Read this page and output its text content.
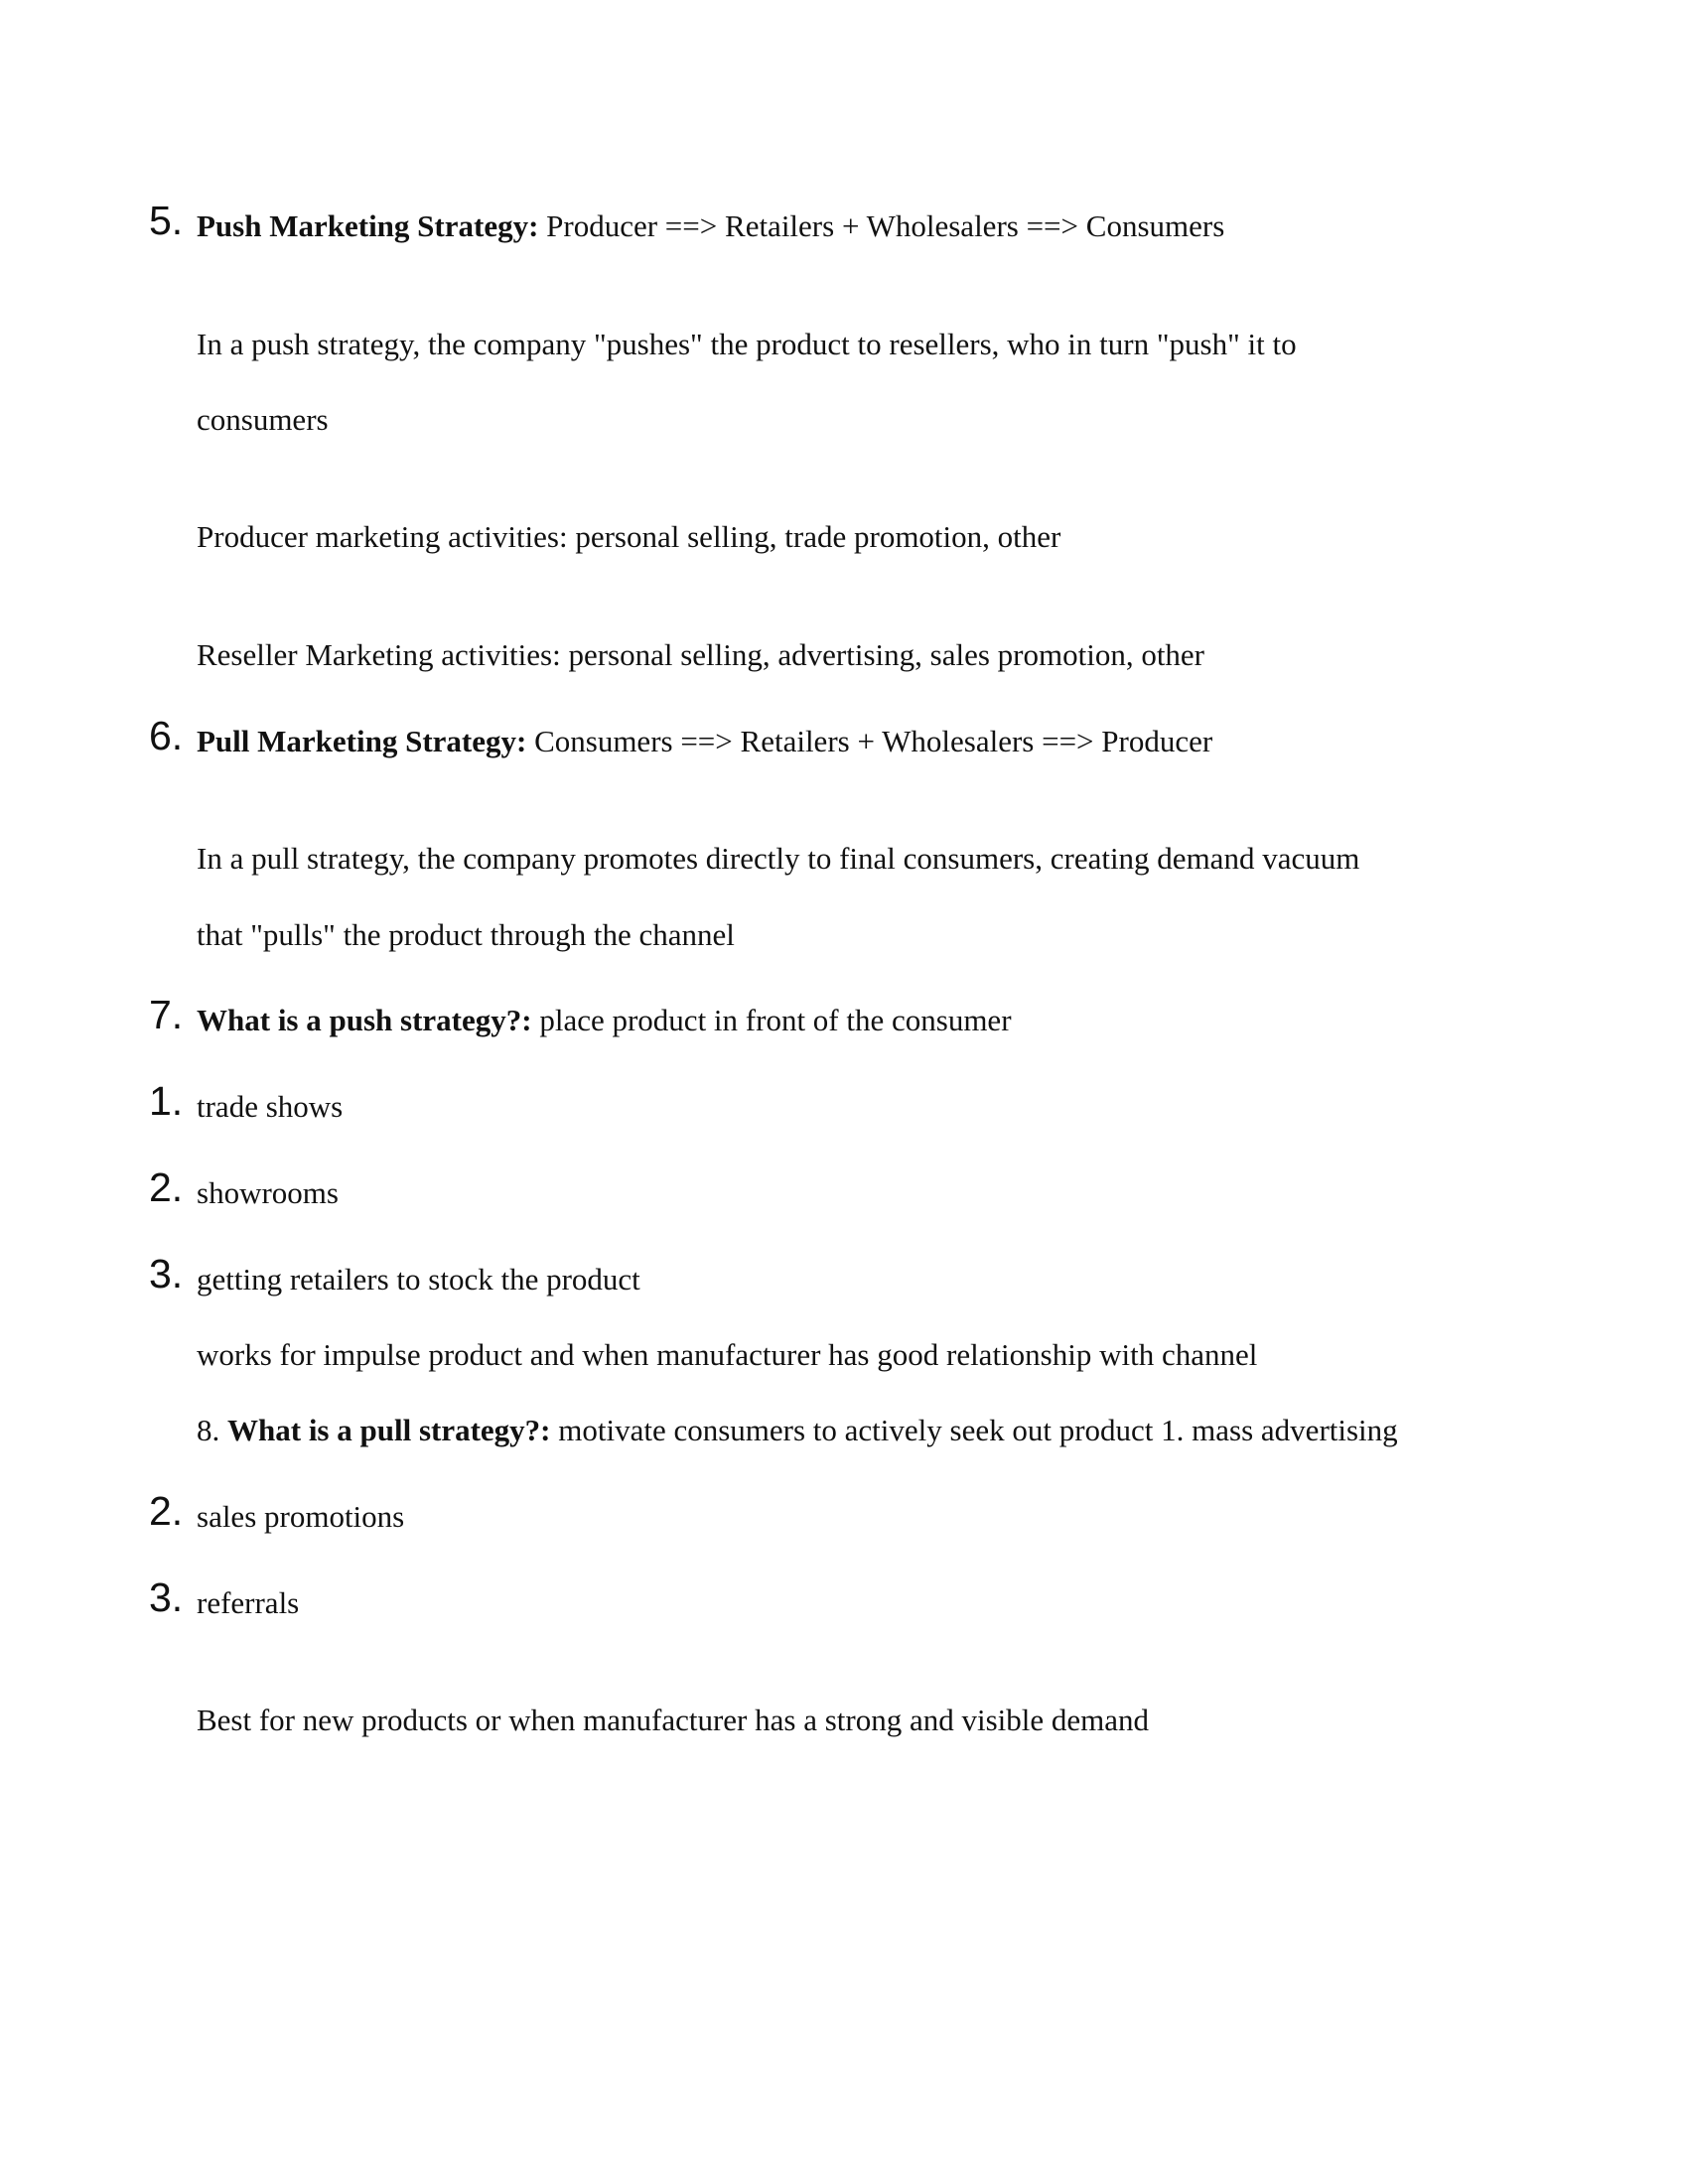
5. Push Marketing Strategy: Producer ==> Retailers + Wholesalers ==> Consumers
In a push strategy, the company "pushes" the product to resellers, who in turn "push" it to
consumers
Producer marketing activities: personal selling, trade promotion, other
Reseller Marketing activities: personal selling, advertising, sales promotion, other
6. Pull Marketing Strategy: Consumers ==> Retailers + Wholesalers ==> Producer
In a pull strategy, the company promotes directly to final consumers, creating demand vacuum
that "pulls" the product through the channel
7. What is a push strategy?: place product in front of the consumer
1. trade shows
2. showrooms
3. getting retailers to stock the product
works for impulse product and when manufacturer has good relationship with channel
8. What is a pull strategy?: motivate consumers to actively seek out product 1. mass advertising
2. sales promotions
3. referrals
Best for new products or when manufacturer has a strong and visible demand
